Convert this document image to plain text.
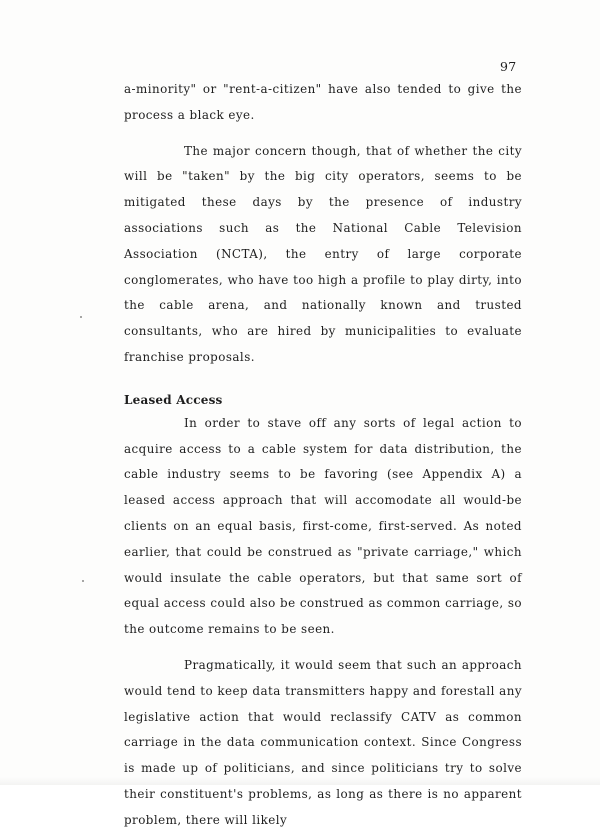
97

a-minority" or "rent-a-citizen" have also tended to give the process a black eye.

The major concern though, that of whether the city will be "taken" by the big city operators, seems to be mitigated these days by the presence of industry associations such as the National Cable Television Association (NCTA), the entry of large corporate conglomerates, who have too high a profile to play dirty, into the cable arena, and nationally known and trusted consultants, who are hired by municipalities to evaluate franchise proposals.

Leased Access

In order to stave off any sorts of legal action to acquire access to a cable system for data distribution, the cable industry seems to be favoring (see Appendix A) a leased access approach that will accomodate all would-be clients on an equal basis, first-come, first-served. As noted earlier, that could be construed as "private carriage," which would insulate the cable operators, but that same sort of equal access could also be construed as common carriage, so the outcome remains to be seen.

Pragmatically, it would seem that such an approach would tend to keep data transmitters happy and forestall any legislative action that would reclassify CATV as common carriage in the data communication context. Since Congress is made up of politicians, and since politicians try to solve their constituent's problems, as long as there is no apparent problem, there will likely
